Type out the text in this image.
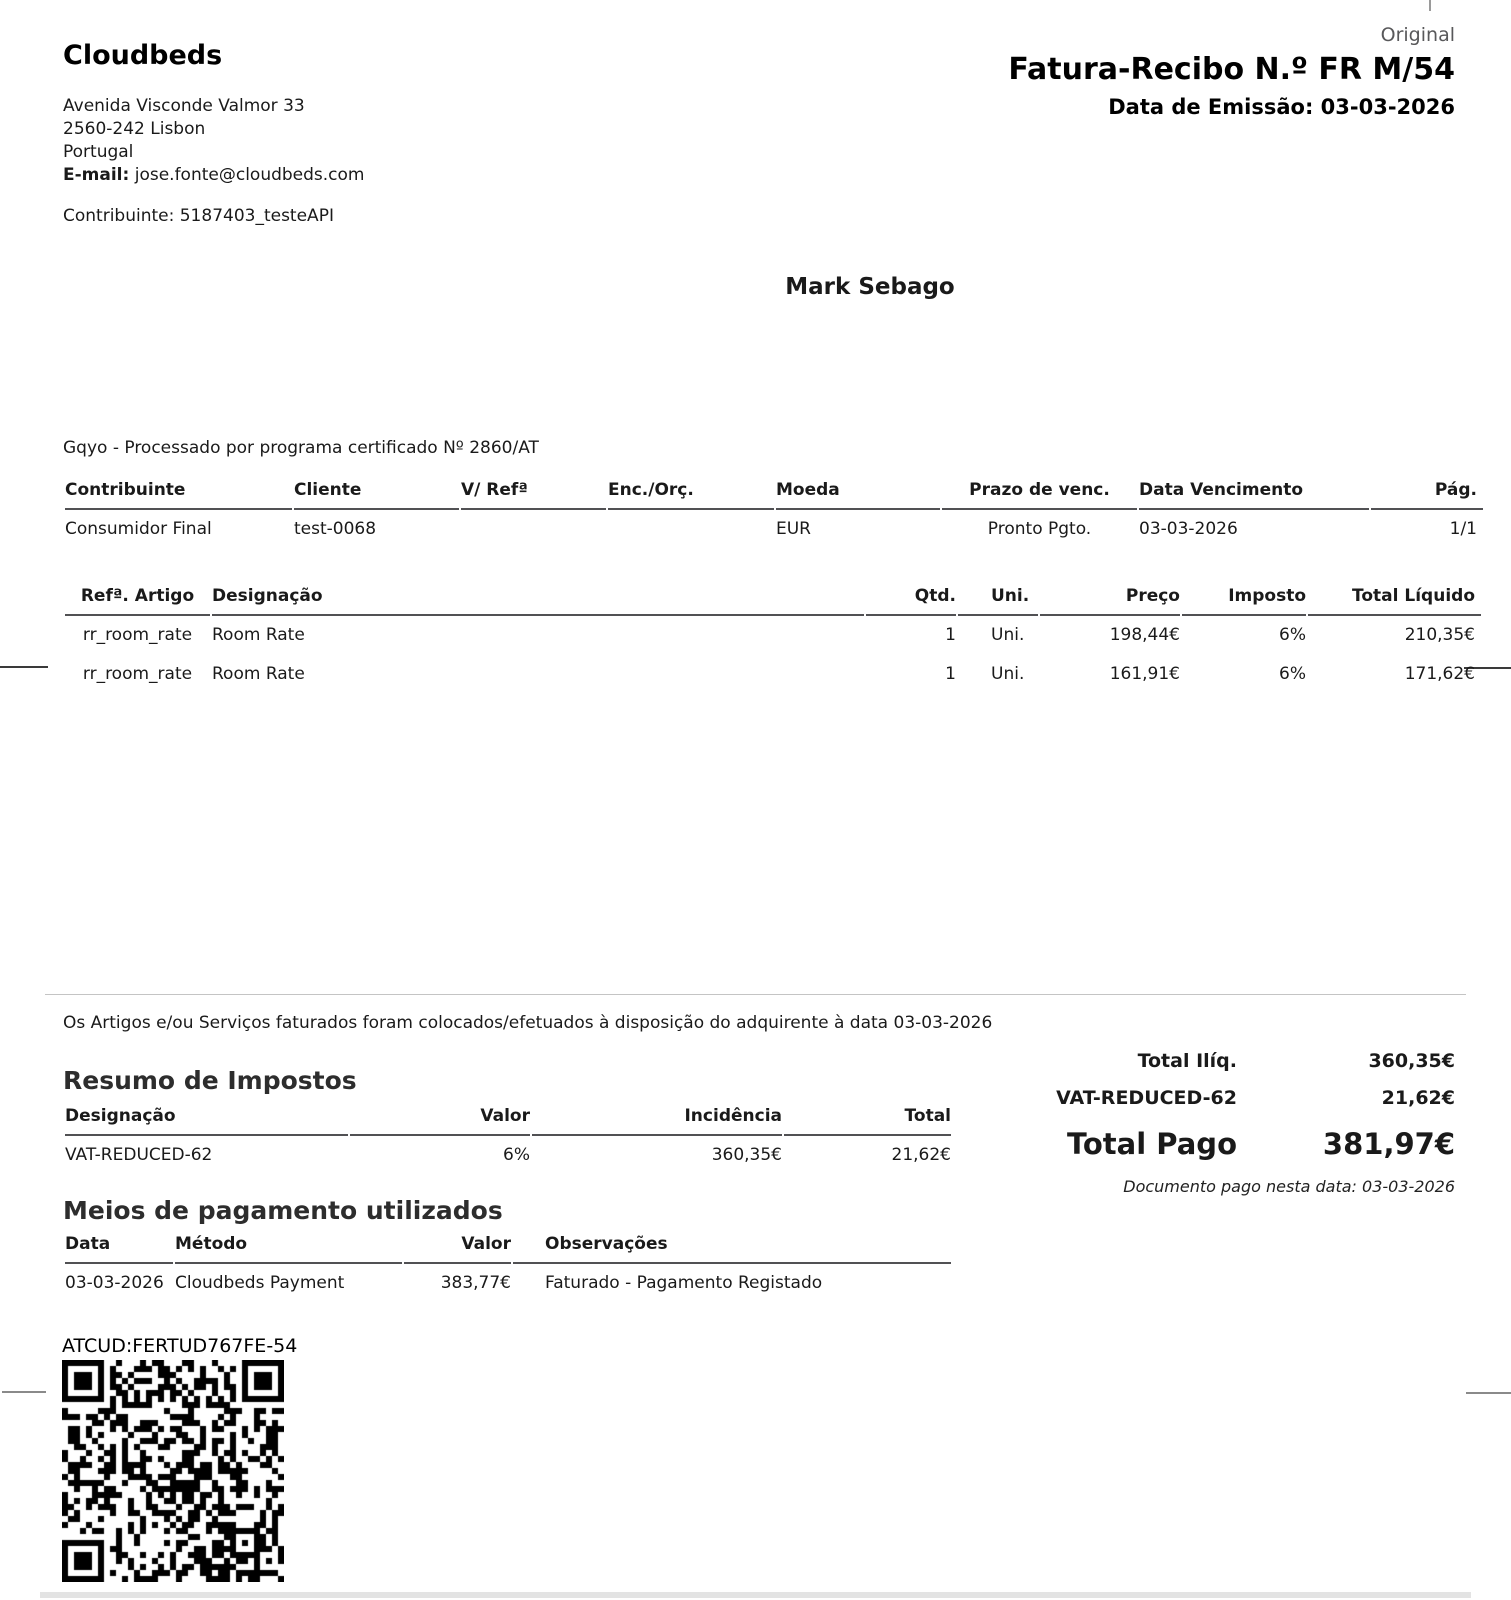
Cloudbeds
Avenida Visconde Valmor 33
2560-242 Lisbon
Portugal
E-mail: jose.fonte@cloudbeds.com
Contribuinte: 5187403_testeAPI
Original
Fatura-Recibo N.º FR M/54
Data de Emissão: 03-03-2026
Mark Sebago
Gqyo - Processado por programa certificado Nº 2860/AT
Contribuinte	Cliente	V/ Refª	Enc./Orç.	Moeda	Prazo de venc.	Data Vencimento	Pág.
Consumidor Final	test-0068			EUR	Pronto Pgto.	03-03-2026	1/1
Refª. Artigo	Designação	Qtd.	Uni.	Preço	Imposto	Total Líquido
rr_room_rate	Room Rate	1	Uni.	198,44€	6%	210,35€
rr_room_rate	Room Rate	1	Uni.	161,91€	6%	171,62€
Os Artigos e/ou Serviços faturados foram colocados/efetuados à disposição do adquirente à data 03-03-2026
Resumo de Impostos
Designação	Valor	Incidência	Total
VAT-REDUCED-62	6%	360,35€	21,62€
Total Ilíq.	360,35€
VAT-REDUCED-62	21,62€
Total Pago	381,97€
Documento pago nesta data: 03-03-2026
Meios de pagamento utilizados
Data	Método	Valor	Observações
03-03-2026	Cloudbeds Payment	383,77€	Faturado - Pagamento Registado
ATCUD:FERTUD767FE-54
